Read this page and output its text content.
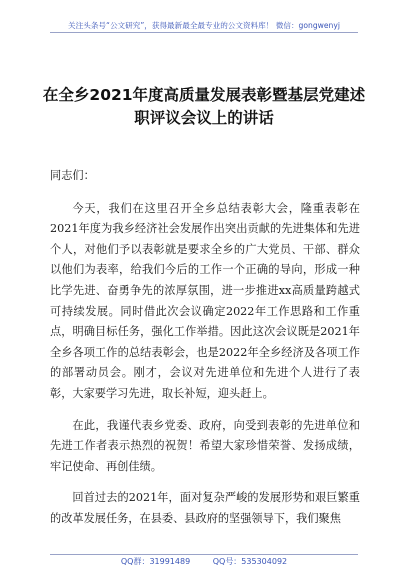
关注头条号“公文研究”，获得最新最全最专业的公文资料库！ 微信：gongwenyj
在全乡2021年度高质量发展表彰暨基层党建述职评议会议上的讲话

同志们：

今天，我们在这里召开全乡总结表彰大会，隆重表彰在2021年度为我乡经济社会发展作出突出贡献的先进集体和先进个人，对他们予以表彰就是要求全乡的广大党员、干部、群众以他们为表率，给我们今后的工作一个正确的导向，形成一种比学先进、奋勇争先的浓厚氛围，进一步推进xx高质量跨越式可持续发展。同时借此次会议确定2022年工作思路和工作重点，明确目标任务，强化工作举措。因此这次会议既是2021年全乡各项工作的总结表彰会，也是2022年全乡经济及各项工作的部署动员会。刚才，会议对先进单位和先进个人进行了表彰，大家要学习先进，取长补短，迎头赶上。

在此，我谨代表乡党委、政府，向受到表彰的先进单位和先进工作者表示热烈的祝贺！希望大家珍惜荣誉、发扬成绩，牢记使命、再创佳绩。

回首过去的2021年，面对复杂严峻的发展形势和艰巨繁重的改革发展任务，在县委、县政府的坚强领导下，我们聚焦

QQ群：31991489	QQ号：535304092
